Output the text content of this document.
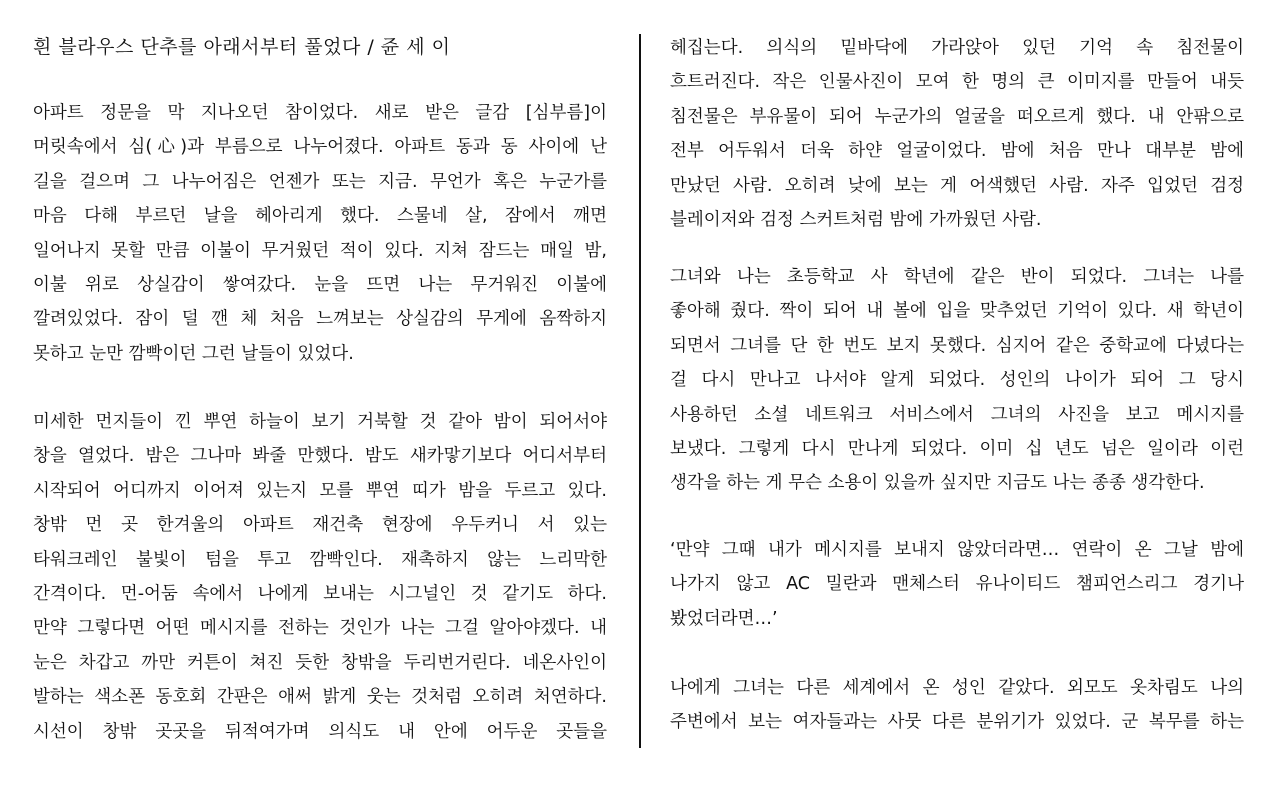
흰 블라우스 단추를 아래서부터 풀었다 / 쥰 세 이
아파트 정문을 막 지나오던 참이었다. 새로 받은 글감 [심부름]이
머릿속에서 심(心)과 부름으로 나누어졌다. 아파트 동과 동 사이에 난
길을 걸으며 그 나누어짐은 언젠가 또는 지금. 무언가 혹은 누군가를
마음 다해 부르던 날을 헤아리게 했다. 스물네 살, 잠에서 깨면
일어나지 못할 만큼 이불이 무거웠던 적이 있다. 지쳐 잠드는 매일 밤,
이불 위로 상실감이 쌓여갔다. 눈을 뜨면 나는 무거워진 이불에
깔려있었다. 잠이 덜 깬 체 처음 느껴보는 상실감의 무게에 옴짝하지
못하고 눈만 깜빡이던 그런 날들이 있었다.
미세한 먼지들이 낀 뿌연 하늘이 보기 거북할 것 같아 밤이 되어서야
창을 열었다. 밤은 그나마 봐줄 만했다. 밤도 새카맣기보다 어디서부터
시작되어 어디까지 이어져 있는지 모를 뿌연 띠가 밤을 두르고 있다.
창밖 먼 곳 한겨울의 아파트 재건축 현장에 우두커니 서 있는
타워크레인 불빛이 텀을 투고 깜빡인다. 재촉하지 않는 느리막한
간격이다. 먼-어둠 속에서 나에게 보내는 시그널인 것 같기도 하다.
만약 그렇다면 어떤 메시지를 전하는 것인가 나는 그걸 알아야겠다. 내
눈은 차갑고 까만 커튼이 쳐진 듯한 창밖을 두리번거린다. 네온사인이
발하는 색소폰 동호회 간판은 애써 밝게 웃는 것처럼 오히려 처연하다.
시선이 창밖 곳곳을 뒤적여가며 의식도 내 안에 어두운 곳들을
헤집는다. 의식의 밑바닥에 가라앉아 있던 기억 속 침전물이
흐트러진다. 작은 인물사진이 모여 한 명의 큰 이미지를 만들어 내듯
침전물은 부유물이 되어 누군가의 얼굴을 떠오르게 했다. 내 안팎으로
전부 어두워서 더욱 하얀 얼굴이었다. 밤에 처음 만나 대부분 밤에
만났던 사람. 오히려 낮에 보는 게 어색했던 사람. 자주 입었던 검정
블레이저와 검정 스커트처럼 밤에 가까웠던 사람.
그녀와 나는 초등학교 사 학년에 같은 반이 되었다. 그녀는 나를
좋아해 줬다. 짝이 되어 내 볼에 입을 맞추었던 기억이 있다. 새 학년이
되면서 그녀를 단 한 번도 보지 못했다. 심지어 같은 중학교에 다녔다는
걸 다시 만나고 나서야 알게 되었다. 성인의 나이가 되어 그 당시
사용하던 소셜 네트워크 서비스에서 그녀의 사진을 보고 메시지를
보냈다. 그렇게 다시 만나게 되었다. 이미 십 년도 넘은 일이라 이런
생각을 하는 게 무슨 소용이 있을까 싶지만 지금도 나는 종종 생각한다.
‘만약 그때 내가 메시지를 보내지 않았더라면… 연락이 온 그날 밤에
나가지 않고 AC 밀란과 맨체스터 유나이티드 챔피언스리그 경기나
봤었더라면…’
나에게 그녀는 다른 세계에서 온 성인 같았다. 외모도 옷차림도 나의
주변에서 보는 여자들과는 사뭇 다른 분위기가 있었다. 군 복무를 하는
